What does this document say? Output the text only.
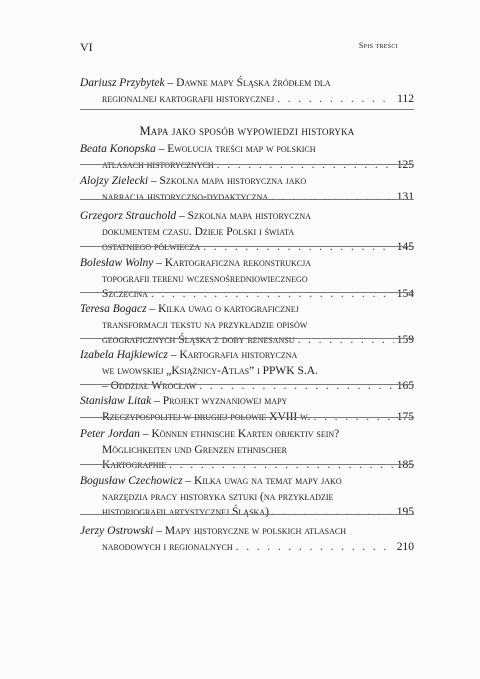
VI	Spis treści
Mapa jako sposób wypowiedzi historyka
Dariusz Przybytek – Dawne mapy Śląska źródłem dla
regionalnej kartografii historycznej . . .	112
Beata Konopska – Ewolucja treści map w polskich
atlasach historycznych . . .	125
Alojzy Zielecki – Szkolna mapa historyczna jako
narracja historyczno-dydaktyczna . . .	131
Grzegorz Strauchold – Szkolna mapa historyczna
dokumentem czasu. Dzieje Polski i świata
ostatniego półwiecza . . .	145
Bolesław Wolny – Kartograficzna rekonstrukcja
topografii terenu wczesnośredniowiecznego
Szczecina . . .	154
Teresa Bogacz – Kilka uwag o kartograficznej
transformacji tekstu na przykładzie opisów
geograficznych Śląska z doby renesansu . . .	159
Izabela Hajkiewicz – Kartografia historyczna
we lwowskiej „Książnicy-Atlas” i PPWK S.A.
– Oddział Wrocław . . .	165
Stanisław Litak – Projekt wyznaniowej mapy
Rzeczypospolitej w drugiej połowie XVIII w. . . .	175
Peter Jordan – Können ethnische Karten objektiv sein?
Möglichkeiten und Grenzen ethnischer
Kartographie . . .	185
Bogusław Czechowicz – Kilka uwag na temat mapy jako
narzędzia pracy historyka sztuki (na przykładzie
historiografii artystycznej Śląska) . . .	195
Jerzy Ostrowski – Mapy historyczne w polskich atlasach
narodowych i regionalnych . . .	210
